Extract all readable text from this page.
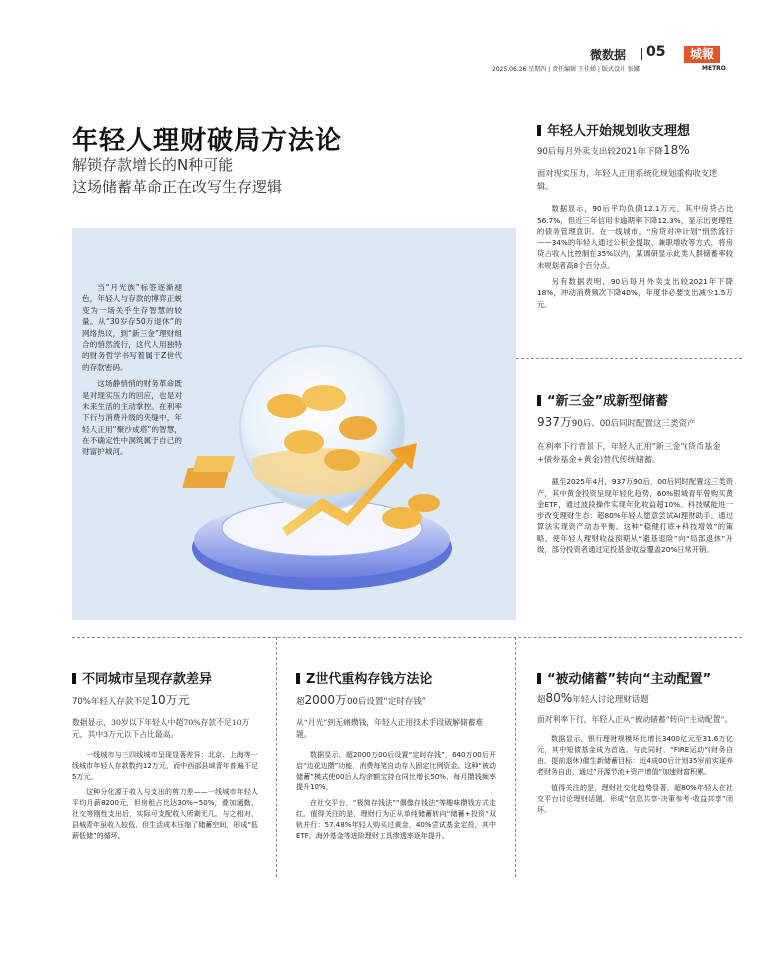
微数据 05	城報
METRO
2025.06.26 星期四 | 责任编辑 王佳娣 | 版式设计 张娜
年轻人理财破局方法论
解锁存款增长的N种可能
这场储蓄革命正在改写生存逻辑

当“月光族”标签逐渐褪色，年轻人与存款的博弈正蜕变为一场关乎生存智慧的较量。从“30岁存50万退休”的网络热议，到“新三金”理财组合的悄然流行，这代人用独特的财务哲学书写着属于Z世代的存款密码。

这场静悄悄的财务革命既是对现实压力的回应，也是对未来生活的主动掌控。在利率下行与消费升级的夹缝中，年轻人正用“聚沙成塔”的智慧，在不确定性中洞筑属于自己的财富护城河。

年轻人开始规划收支理想
90后每月外卖支出较2021年下降18%
面对现实压力，年轻人正用系统化规划重构收支逻辑。

数据显示，90后平均负债12.1万元，其中房贷占比56.7%，但近三年信用卡逾期率下降12.3%，显示出更理性的债务管理意识。在一线城市，“房贷对冲计划”悄然流行——34%的年轻人通过公积金提取、兼职增收等方式，将房贷占收入比控制在35%以内，某调研显示此类人群储蓄率较未规划者高8个百分点。

另有数据表明，90后每月外卖支出较2021年下降18%，冲动消费频次下降40%，年度非必要支出减少1.5万元。

“新三金”成新型储蓄
937万90后、00后同时配置这三类资产
在利率下行背景下，年轻人正用“新三金”(货币基金+债券基金+黄金)替代传统储蓄。

截至2025年4月，937万90后、00后同时配置这三类资产，其中黄金投资呈现年轻化趋势，60%银城青年曾购买黄金ETF，通过波段操作实现年化收益超10%。科技赋能进一步改变理财生态：超80%年轻人愿意尝试AI理财助手，通过算法实现资产动态平衡。这种“稳健打底+科技增效”的策略，使年轻人理财收益预期从“避基退险”向“局部退休”升级，部分投资者通过定投基金收益覆盖20%日常开销。

不同城市呈现存款差异
70%年轻人存款不足10万元
数据显示，30岁以下年轻人中超70%存款不足10万元，其中3万元以下占比最高。

一线城市与三四线城市呈现显著差异：北京、上海等一线城市年轻人存款数约12万元，而中西部县域青年普遍不足5万元。

这种分化源于收入与支出的剪刀差——一线城市年轻人平均月薪8200元，但房租占比达30%~50%，叠加通勤、社交等刚性支出后，实际可支配收入所剩无几。与之相对，县城青年虽收入较低，但生活成本压缩了储蓄空间，形成“低薪低储”的循环。

Z世代重构存钱方法论
超2000万00后设置“定时存钱”
从“月光”到无痛攒钱，年轻人正用技术手段破解储蓄难题。

数据显示，超2000万00后设置“定时存钱”，640万00后开启“边花边攒”功能，消费每笔自动存入固定比例资金。这种“被动储蓄”模式使00后人均余额宝持仓同比增长50%，每月攒钱频率提升10%。

在社交平台，“极简存钱法”“偶像存钱法”等趣味攒钱方式走红。值得关注的是，理财行为正从单纯储蓄转向“储蓄+投资”双轨并行：57.48%年轻人购买过黄金，40%尝试基金定投，其中ETF、海外基金等进阶理财工具渗透率逐年提升。

“被动储蓄”转向“主动配置”
超80%年轻人讨论理财话题
面对利率下行，年轻人正从“被动储蓄”转向“主动配置”。

数据显示，银行理财规模环比增长3400亿元至31.6万亿元，其中短债基金成为首选。与此同时，“FIRE运动”(财务自由、提前退休)催生新储蓄目标：近4成00后计划35岁前实现养老财务自由，通过“开源节流+资产增值”加速财富积累。

值得关注的是，理财社交化趋势显著，超80%年轻人在社交平台讨论理财话题，形成“信息共享-决策参考-收益共享”闭环。
